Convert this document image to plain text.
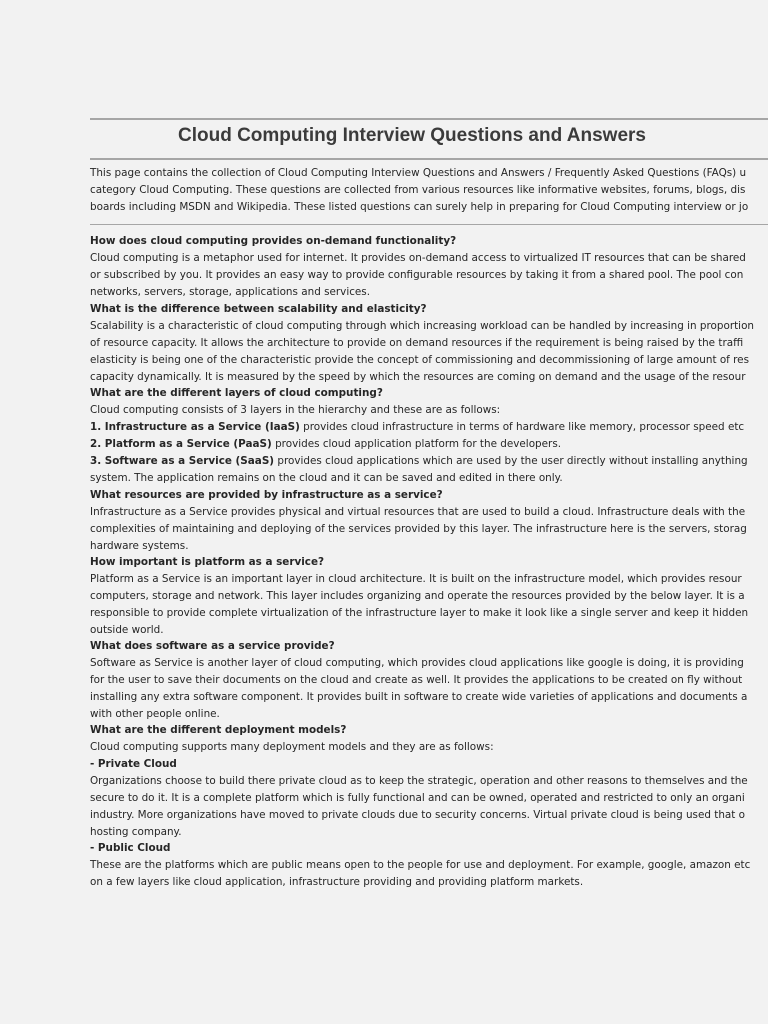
Cloud Computing Interview Questions and Answers
This page contains the collection of Cloud Computing Interview Questions and Answers / Frequently Asked Questions (FAQs) u
category Cloud Computing. These questions are collected from various resources like informative websites, forums, blogs, dis
boards including MSDN and Wikipedia. These listed questions can surely help in preparing for Cloud Computing interview or jo
How does cloud computing provides on-demand functionality?
Cloud computing is a metaphor used for internet. It provides on-demand access to virtualized IT resources that can be shared
or subscribed by you. It provides an easy way to provide configurable resources by taking it from a shared pool. The pool con
networks, servers, storage, applications and services.
What is the difference between scalability and elasticity?
Scalability is a characteristic of cloud computing through which increasing workload can be handled by increasing in proportion
of resource capacity. It allows the architecture to provide on demand resources if the requirement is being raised by the traffi
elasticity is being one of the characteristic provide the concept of commissioning and decommissioning of large amount of res
capacity dynamically. It is measured by the speed by which the resources are coming on demand and the usage of the resour
What are the different layers of cloud computing?
Cloud computing consists of 3 layers in the hierarchy and these are as follows:
1. Infrastructure as a Service (IaaS) provides cloud infrastructure in terms of hardware like memory, processor speed etc
2. Platform as a Service (PaaS) provides cloud application platform for the developers.
3. Software as a Service (SaaS) provides cloud applications which are used by the user directly without installing anything
system. The application remains on the cloud and it can be saved and edited in there only.
What resources are provided by infrastructure as a service?
Infrastructure as a Service provides physical and virtual resources that are used to build a cloud. Infrastructure deals with the
complexities of maintaining and deploying of the services provided by this layer. The infrastructure here is the servers, storag
hardware systems.
How important is platform as a service?
Platform as a Service is an important layer in cloud architecture. It is built on the infrastructure model, which provides resour
computers, storage and network. This layer includes organizing and operate the resources provided by the below layer. It is a
responsible to provide complete virtualization of the infrastructure layer to make it look like a single server and keep it hidden
outside world.
What does software as a service provide?
Software as Service is another layer of cloud computing, which provides cloud applications like google is doing, it is providing
for the user to save their documents on the cloud and create as well. It provides the applications to be created on fly without
installing any extra software component. It provides built in software to create wide varieties of applications and documents a
with other people online.
What are the different deployment models?
Cloud computing supports many deployment models and they are as follows:
- Private Cloud
Organizations choose to build there private cloud as to keep the strategic, operation and other reasons to themselves and the
secure to do it. It is a complete platform which is fully functional and can be owned, operated and restricted to only an organi
industry. More organizations have moved to private clouds due to security concerns. Virtual private cloud is being used that o
hosting company.
- Public Cloud
These are the platforms which are public means open to the people for use and deployment. For example, google, amazon etc
on a few layers like cloud application, infrastructure providing and providing platform markets.
